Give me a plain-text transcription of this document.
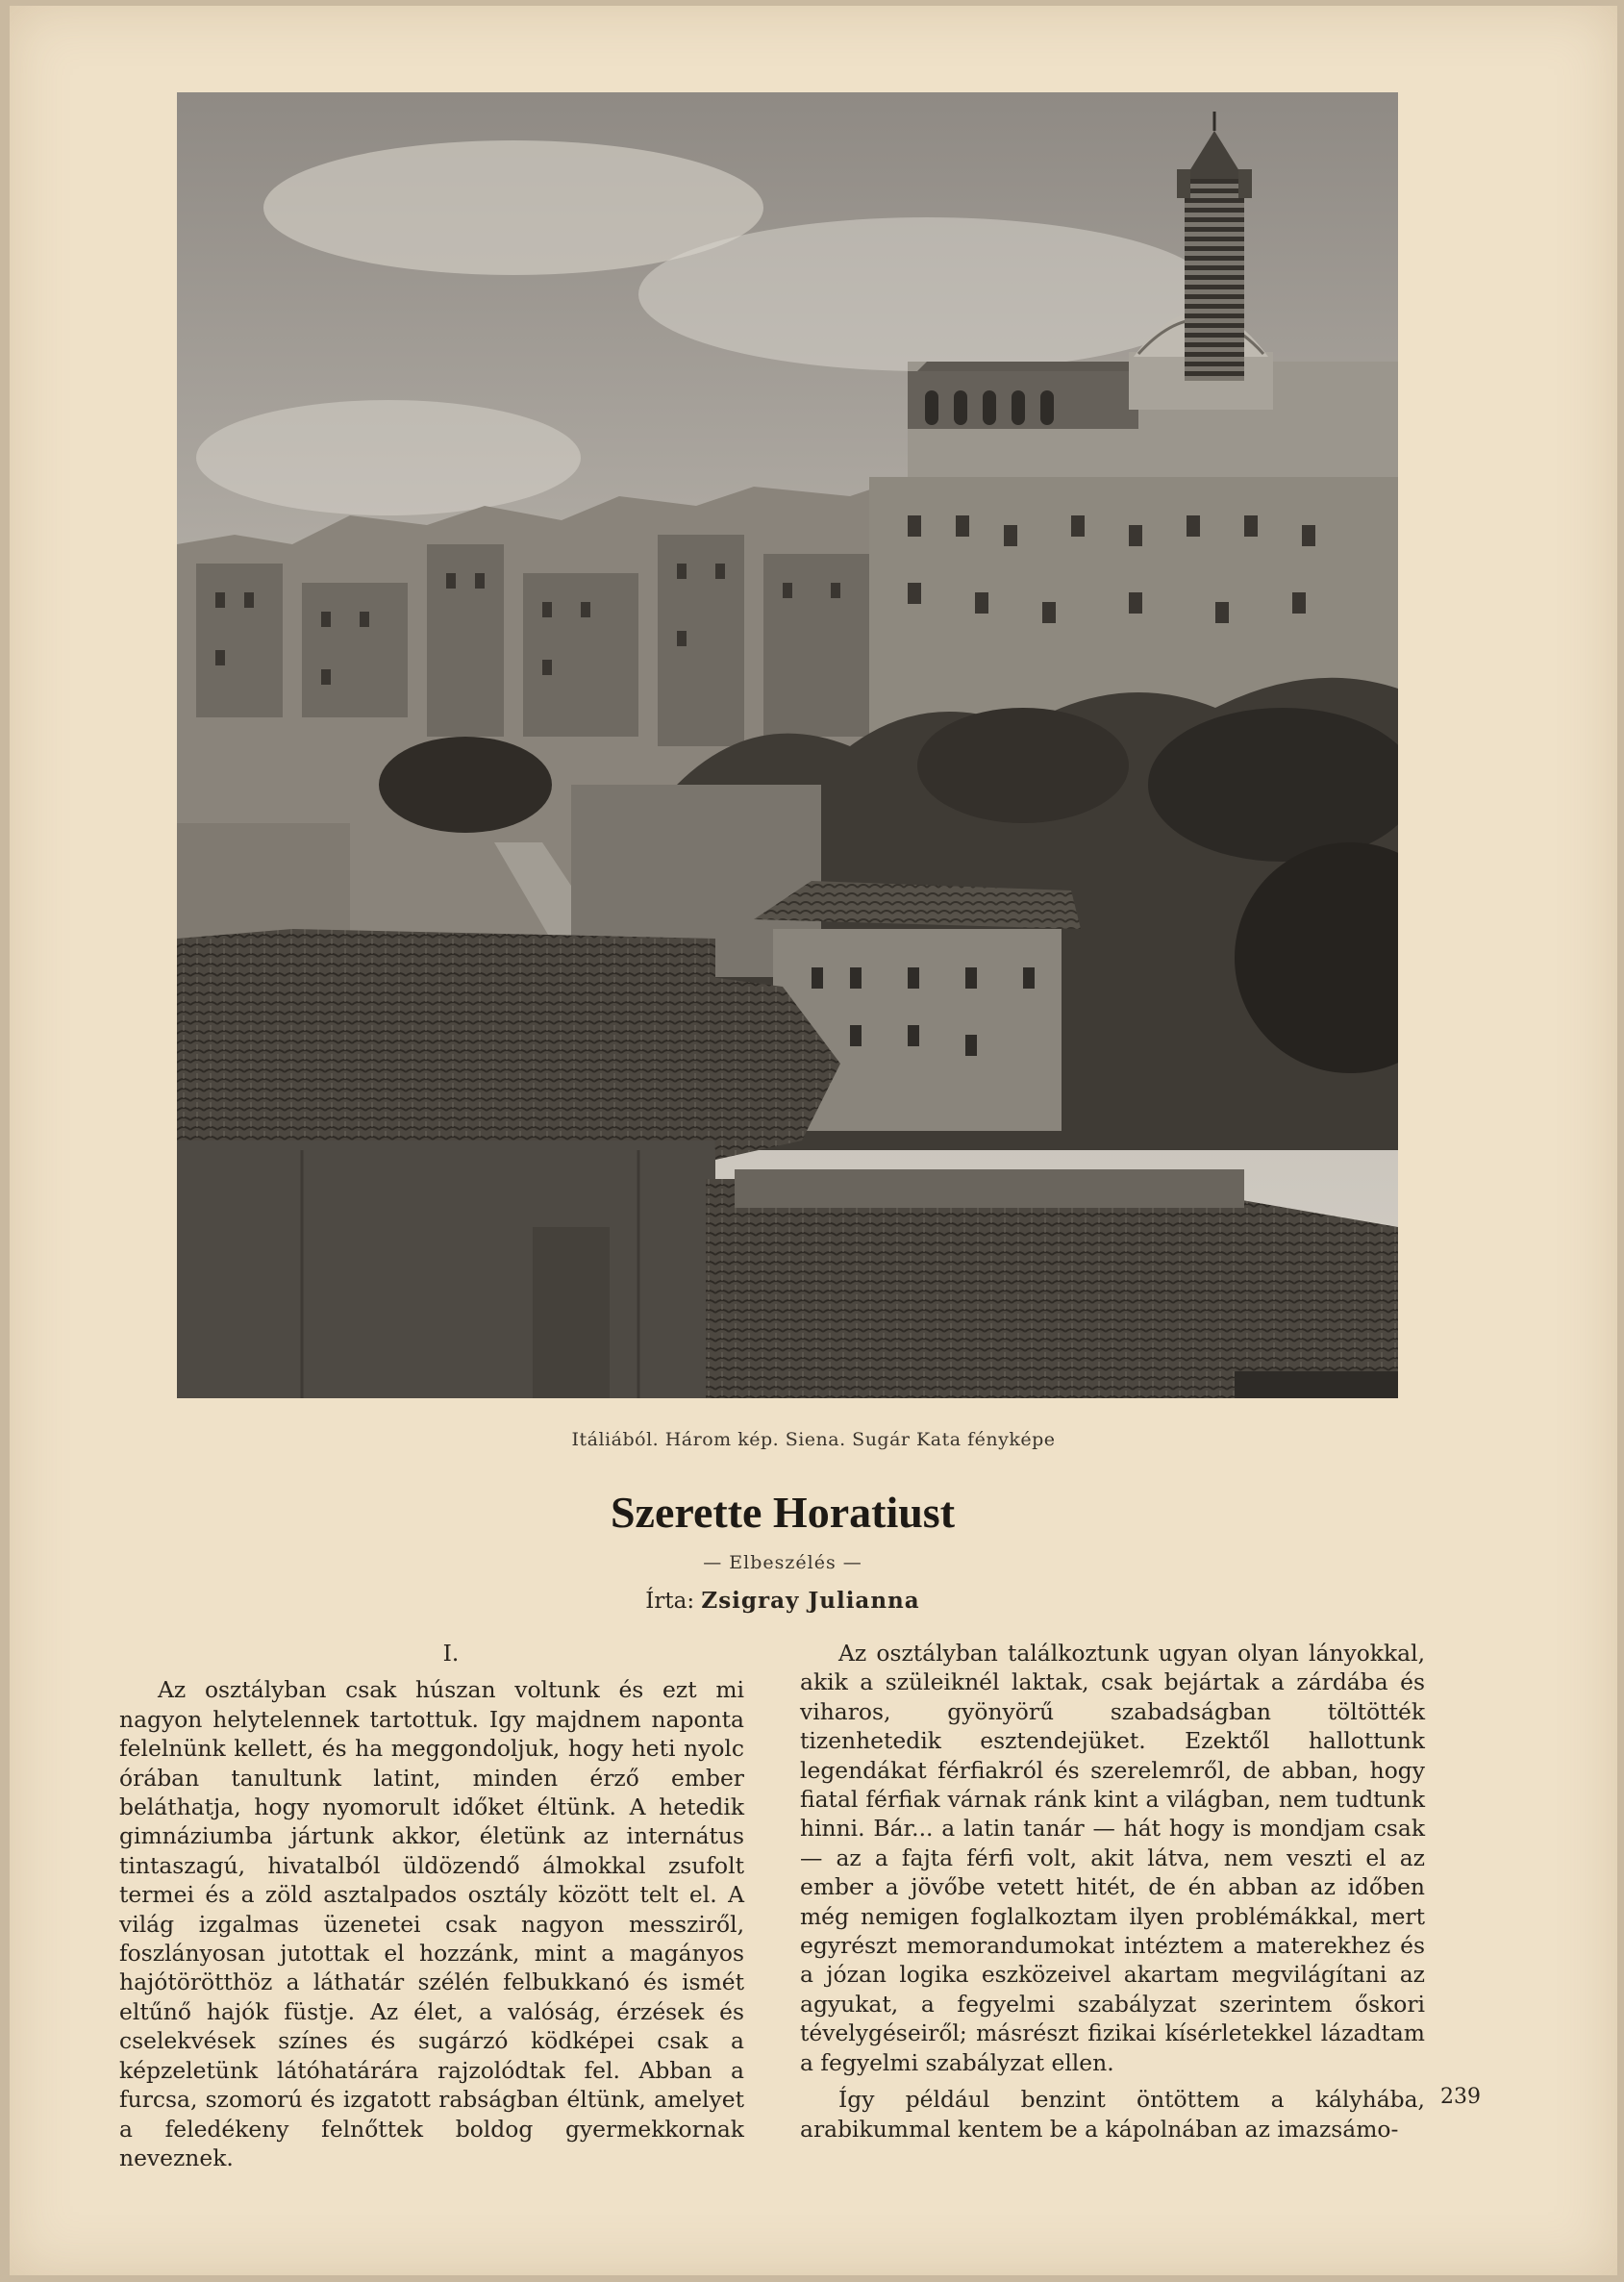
Itáliából. Három kép. Siena. Sugár Kata fényképe
Szerette Horatiust
— Elbeszélés —
Írta: Zsigray Julianna

I.

Az osztályban csak húszan voltunk és ezt mi nagyon helytelennek tartottuk. Igy majdnem naponta felelnünk kellett, és ha meggondoljuk, hogy heti nyolc órában tanultunk latint, minden érző ember beláthatja, hogy nyomorult időket éltünk. A hetedik gimnáziumba jártunk akkor, életünk az internátus tintaszagú, hivatalból üldözendő álmokkal zsufolt termei és a zöld asztalpados osztály között telt el. A világ izgalmas üzenetei csak nagyon messziről, foszlányosan jutottak el hozzánk, mint a magányos hajótörötthöz a láthatár szélén felbukkanó és ismét eltűnő hajók füstje. Az élet, a valóság, érzések és cselekvések színes és sugárzó ködképei csak a képzeletünk látóhatárára rajzolódtak fel. Abban a furcsa, szomorú és izgatott rabságban éltünk, amelyet a feledékeny felnőttek boldog gyermekkornak neveznek.

Az osztályban találkoztunk ugyan olyan lányokkal, akik a szüleiknél laktak, csak bejártak a zárdába és viharos, gyönyörű szabadságban töltötték tizenhetedik esztendejüket. Ezektől hallottunk legendákat férfiakról és szerelemről, de abban, hogy fiatal férfiak várnak ránk kint a világban, nem tudtunk hinni. Bár... a latin tanár — hát hogy is mondjam csak — az a fajta férfi volt, akit látva, nem veszti el az ember a jövőbe vetett hitét, de én abban az időben még nemigen foglalkoztam ilyen problémákkal, mert egyrészt memorandumokat intéztem a materekhez és a józan logika eszközeivel akartam megvilágítani az agyukat, a fegyelmi szabályzat szerintem őskori tévelygéseiről; másrészt fizikai kísérletekkel lázadtam a fegyelmi szabályzat ellen.

Így például benzint öntöttem a kályhába, arabikummal kentem be a kápolnában az imazsámo-

239
